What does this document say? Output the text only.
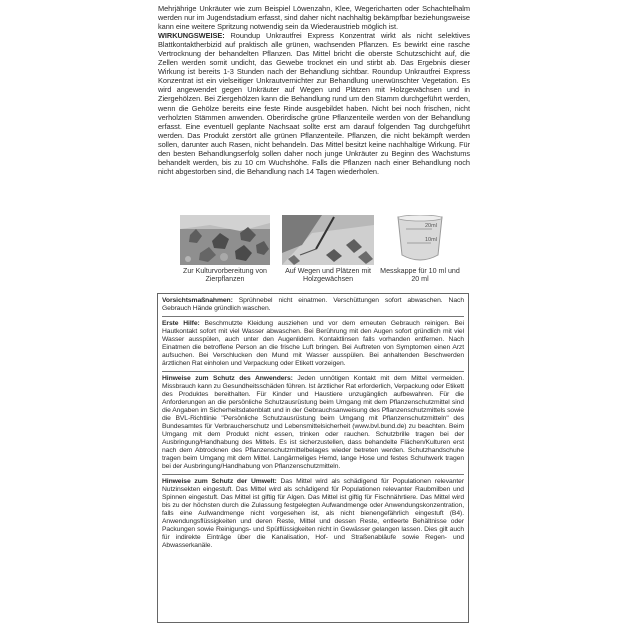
Mehrjährige Unkräuter wie zum Beispiel Löwenzahn, Klee, Wegericharten oder Schachtelhalm werden nur im Jugendstadium erfasst, sind daher nicht nachhaltig bekämpfbar beziehungsweise kann eine weitere Spritzung notwendig sein da Wiederaustrieb möglich ist.

WIRKUNGSWEISE: Roundup Unkrautfrei Express Konzentrat wirkt als nicht selektives Blattkontaktherbizid auf praktisch alle grünen, wachsenden Pflanzen. Es bewirkt eine rasche Vertrocknung der behandelten Pflanzen. Das Mittel bricht die oberste Schutzschicht auf, die Zellen werden somit undicht, das Gewebe trocknet ein und stirbt ab. Das Ergebnis dieser Wirkung ist bereits 1-3 Stunden nach der Behandlung sichtbar. Roundup Unkrautfrei Express Konzentrat ist ein vielseitiger Unkrautvernichter zur Behandlung unerwünschter Vegetation. Es wird angewendet gegen Unkräuter auf Wegen und Plätzen mit Holzgewächsen und in Ziergehölzen. Bei Ziergehölzen kann die Behandlung rund um den Stamm durchgeführt werden, wenn die Gehölze bereits eine feste Rinde ausgebildet haben. Nicht bei noch frischen, nicht verholzten Stämmen anwenden. Oberirdische grüne Pflanzenteile werden von der Behandlung erfasst. Eine eventuell geplante Nachsaat sollte erst am darauf folgenden Tag durchgeführt werden. Das Produkt zerstört alle grünen Pflanzenteile. Pflanzen, die nicht bekämpft werden sollen, darunter auch Rasen, nicht behandeln. Das Mittel besitzt keine nachhaltige Wirkung. Für den besten Behandlungserfolg sollen daher noch junge Unkräuter zu Beginn des Wachstums behandelt werden, bis zu 10 cm Wuchshöhe. Falls die Pflanzen nach einer Behandlung noch nicht abgestorben sind, die Behandlung nach 14 Tagen wiederholen.

Zur Kulturvorbereitung von Zierpflanzen
Auf Wegen und Plätzen mit Holzgewächsen
20ml
10ml
Messkappe für 10 ml und 20 ml

Vorsichtsmaßnahmen: Sprühnebel nicht einatmen. Verschüttungen sofort abwaschen. Nach Gebrauch Hände gründlich waschen.

Erste Hilfe: Beschmutzte Kleidung ausziehen und vor dem erneuten Gebrauch reinigen. Bei Hautkontakt sofort mit viel Wasser abwaschen. Bei Berührung mit den Augen sofort gründlich mit viel Wasser ausspülen, auch unter den Augenlidern. Kontaktlinsen falls vorhanden entfernen. Nach Einatmen die betroffene Person an die frische Luft bringen. Bei Auftreten von Symptomen einen Arzt aufsuchen. Bei Verschlucken den Mund mit Wasser ausspülen. Bei anhaltenden Beschwerden ärztlichen Rat einholen und Verpackung oder Etikett vorzeigen.

Hinweise zum Schutz des Anwenders: Jeden unnötigen Kontakt mit dem Mittel vermeiden. Missbrauch kann zu Gesundheitsschäden führen. Ist ärztlicher Rat erforderlich, Verpackung oder Etikett des Produktes bereithalten. Für Kinder und Haustiere unzugänglich aufbewahren. Für die Anforderungen an die persönliche Schutzausrüstung beim Umgang mit dem Pflanzenschutzmittel sind die Angaben im Sicherheitsdatenblatt und in der Gebrauchsanweisung des Pflanzenschutzmittels sowie die BVL-Richtlinie "Persönliche Schutzausrüstung beim Umgang mit Pflanzenschutzmitteln" des Bundesamtes für Verbraucherschutz und Lebensmittelsicherheit (www.bvl.bund.de) zu beachten. Beim Umgang mit dem Produkt nicht essen, trinken oder rauchen. Schutzbrille tragen bei der Ausbringung/Handhabung des Mittels. Es ist sicherzustellen, dass behandelte Flächen/Kulturen erst nach dem Abtrocknen des Pflanzenschutzmittelbelages wieder betreten werden. Schutzhandschuhe tragen beim Umgang mit dem Mittel. Langärmeliges Hemd, lange Hose und festes Schuhwerk tragen bei der Ausbringung/Handhabung von Pflanzenschutzmitteln.

Hinweise zum Schutz der Umwelt: Das Mittel wird als schädigend für Populationen relevanter Nutzinsekten eingestuft. Das Mittel wird als schädigend für Populationen relevanter Raubmilben und Spinnen eingestuft. Das Mittel ist giftig für Algen. Das Mittel ist giftig für Fischnährtiere. Das Mittel wird bis zu der höchsten durch die Zulassung festgelegten Aufwandmenge oder Anwendungskonzentration, falls eine Aufwandmenge nicht vorgesehen ist, als nicht bienengefährlich eingestuft (B4). Anwendungsflüssigkeiten und deren Reste, Mittel und dessen Reste, entleerte Behältnisse oder Packungen sowie Reinigungs- und Spülflüssigkeiten nicht in Gewässer gelangen lassen. Dies gilt auch für indirekte Einträge über die Kanalisation, Hof- und Straßenabläufe sowie Regen- und Abwasserkanäle.
